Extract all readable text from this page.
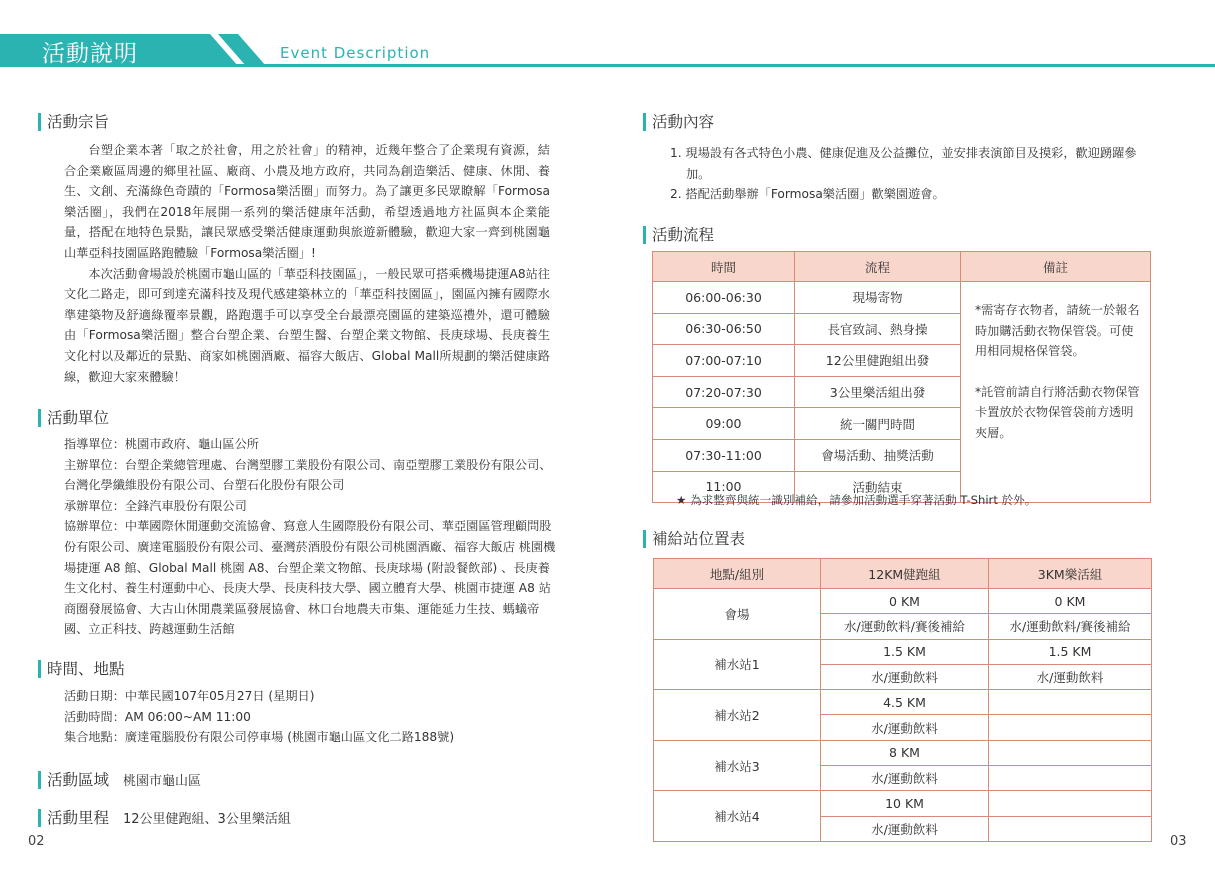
活動說明	Event Description
活動宗旨

台塑企業本著「取之於社會，用之於社會」的精神，近幾年整合了企業現有資源，結合企業廠區周邊的鄉里社區、廠商、小農及地方政府，共同為創造樂活、健康、休閒、養生、文創、充滿綠色奇蹟的「Formosa樂活圈」而努力。為了讓更多民眾瞭解「Formosa樂活圈」，我們在2018年展開一系列的樂活健康年活動，希望透過地方社區與本企業能量，搭配在地特色景點，讓民眾感受樂活健康運動與旅遊新體驗，歡迎大家一齊到桃園龜山華亞科技園區路跑體驗「Formosa樂活圈」!

本次活動會場設於桃園市龜山區的「華亞科技園區」，一般民眾可搭乘機場捷運A8站往文化二路走，即可到達充滿科技及現代感建築林立的「華亞科技園區」，園區內擁有國際水準建築物及舒適綠覆率景觀，路跑選手可以享受全台最漂亮園區的建築巡禮外，還可體驗由「Formosa樂活圈」整合台塑企業、台塑生醫、台塑企業文物館、長庚球場、長庚養生文化村以及鄰近的景點、商家如桃園酒廠、福容大飯店、Global Mall所規劃的樂活健康路線，歡迎大家來體驗！

活動單位
指導單位：桃園市政府、龜山區公所
主辦單位：台塑企業總管理處、台灣塑膠工業股份有限公司、南亞塑膠工業股份有限公司、台灣化學纖維股份有限公司、台塑石化股份有限公司
承辦單位：全鋒汽車股份有限公司
協辦單位：中華國際休閒運動交流協會、寫意人生國際股份有限公司、華亞園區管理顧問股份有限公司、廣達電腦股份有限公司、臺灣菸酒股份有限公司桃園酒廠、福容大飯店 桃園機場捷運 A8 館、Global Mall 桃園 A8、台塑企業文物館、長庚球場 (附設餐飲部) 、長庚養生文化村、養生村運動中心、長庚大學、長庚科技大學、國立體育大學、桃園市捷運 A8 站商圈發展協會、大古山休閒農業區發展協會、林口台地農夫市集、運能延力生技、螞蟻帝國、立正科技、跨越運動生活館
時間、地點
活動日期：中華民國107年05月27日 (星期日)
活動時間：AM 06:00~AM 11:00
集合地點：廣達電腦股份有限公司停車場 (桃園市龜山區文化二路188號)
活動區域 桃園市龜山區
活動里程 12公里健跑組、3公里樂活組
02
活動內容
1. 現場設有各式特色小農、健康促進及公益攤位，並安排表演節目及摸彩，歡迎踴躍參加。
2. 搭配活動舉辦「Formosa樂活圈」歡樂園遊會。
活動流程
時間	流程	備註
06:00-06:30	現場寄物	*需寄存衣物者，請統一於報名時加購活動衣物保管袋。可使用相同規格保管袋。
*託管前請自行將活動衣物保管卡置放於衣物保管袋前方透明夾層。

06:30-06:50	長官致詞、熱身操	
07:00-07:10	12公里健跑組出發	
07:20-07:30	3公里樂活組出發	
09:00	統一關門時間	
07:30-11:00	會場活動、抽獎活動	
11:00	活動結束	
★ 為求整齊與統一識別補給，請參加活動選手穿著活動 T-Shirt 於外。
補給站位置表
地點/組別	12KM健跑組	3KM樂活組
會場	0 KM	0 KM
	水/運動飲料/賽後補給	水/運動飲料/賽後補給
補水站1	1.5 KM	1.5 KM
	水/運動飲料	水/運動飲料
補水站2	4.5 KM	
	水/運動飲料	
補水站3	8 KM	
	水/運動飲料	
補水站4	10 KM	
	水/運動飲料	
03
